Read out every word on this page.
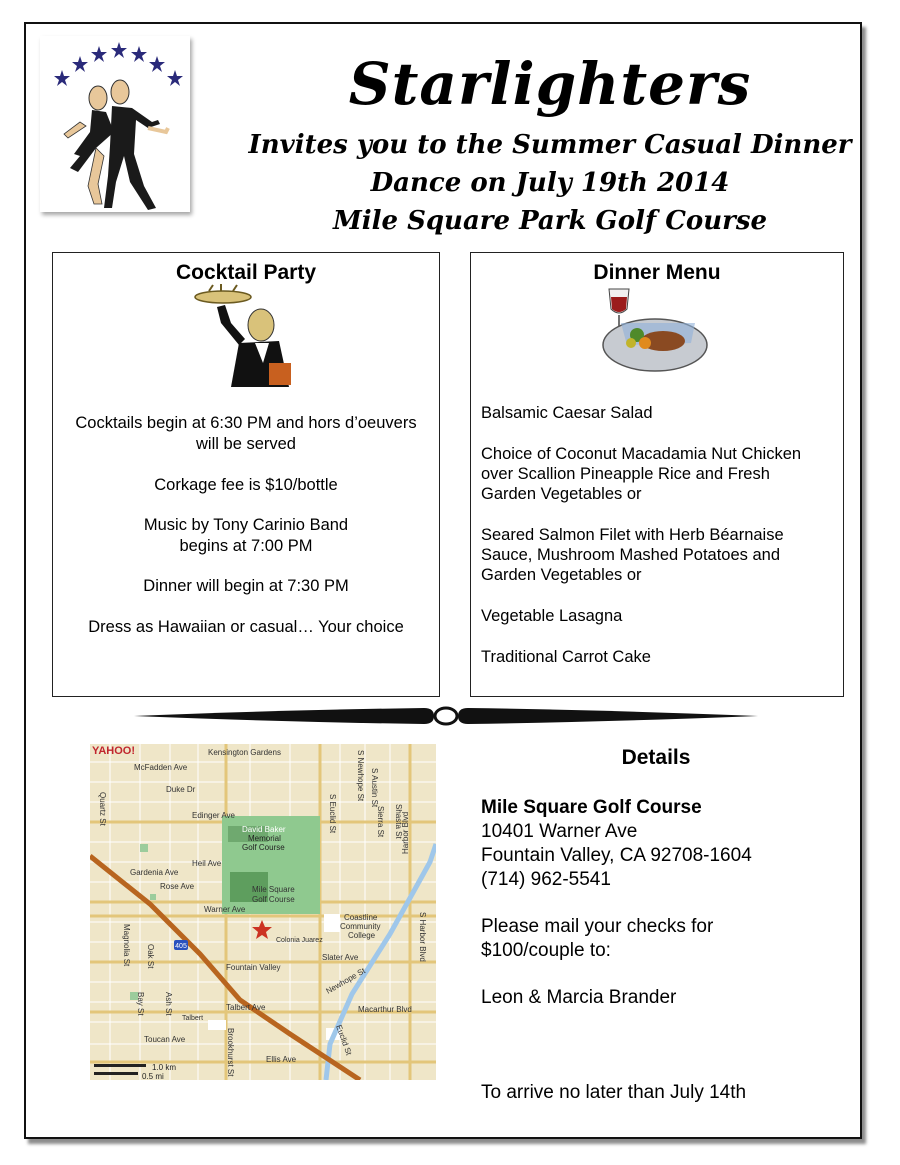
Starlighters
Invites you to the Summer Casual Dinner
Dance on July 19th 2014
Mile Square Park Golf Course
Cocktail Party
Cocktails begin at 6:30 PM and hors d’oeuvers
will be served
Corkage fee is $10/bottle
Music by Tony Carinio Band
begins at 7:00 PM
Dinner will begin at 7:30 PM
Dress as Hawaiian or casual… Your choice
Dinner Menu
Balsamic Caesar Salad
Choice of Coconut Macadamia Nut Chicken
over Scallion Pineapple Rice and Fresh
Garden Vegetables or
Seared Salmon Filet with Herb Béarnaise
Sauce, Mushroom Mashed Potatoes and
Garden Vegetables or
Vegetable Lasagna
Traditional Carrot Cake
405
YAHOO!	Kensington Gardens
McFadden Ave
Duke Dr
Edinger Ave
David Baker
Memorial
Golf Course
Heil Ave
Gardenia Ave
Rose Ave	Mile Square
Golf Course
Warner Ave
Coastline
Community
College
Colonia Juarez
Fountain Valley
Slater Ave
Newhope St
Talbert Ave
Talbert
Macarthur Blvd
Toucan Ave
Ellis Ave
S Euclid St
S Newhope St S Austin St
Sierra St Shasta St
Harbor Blvd
S Harbor Blvd
Magnolia St Oak St
Bay St Ash St
Brookhurst St	Euclid St
Quartz St
1.0 km
0.5 mi
Details
Mile Square Golf Course
10401 Warner Ave
Fountain Valley, CA 92708-1604
(714) 962-5541
Please mail your checks for
$100/couple to:
Leon & Marcia Brander
To arrive no later than July 14th
